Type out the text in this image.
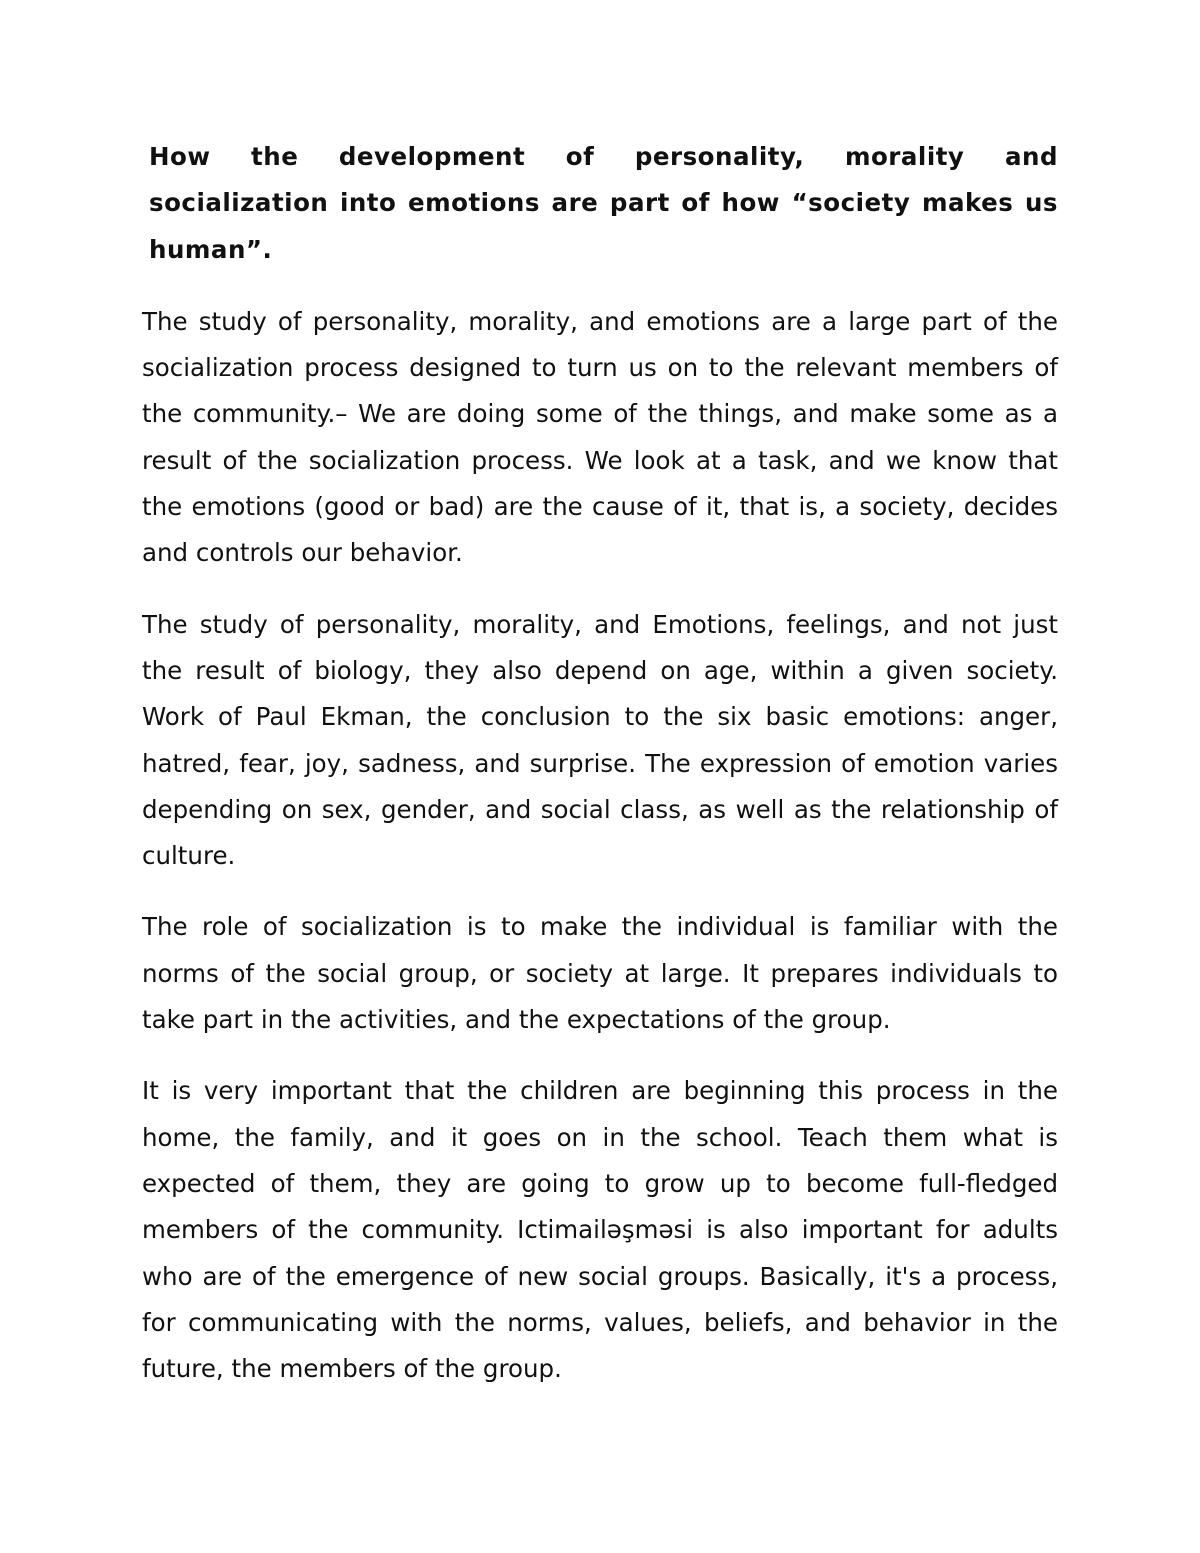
How the development of personality, morality and socialization into emotions are part of how “society makes us human”.

The study of personality, morality, and emotions are a large part of the socialization process designed to turn us on to the relevant members of the community.– We are doing some of the things, and make some as a result of the socialization process. We look at a task, and we know that the emotions (good or bad) are the cause of it, that is, a society, decides and controls our behavior.

The study of personality, morality, and Emotions, feelings, and not just the result of biology, they also depend on age, within a given society. Work of Paul Ekman, the conclusion to the six basic emotions: anger, hatred, fear, joy, sadness, and surprise. The expression of emotion varies depending on sex, gender, and social class, as well as the relationship of culture.

The role of socialization is to make the individual is familiar with the norms of the social group, or society at large. It prepares individuals to take part in the activities, and the expectations of the group.

It is very important that the children are beginning this process in the home, the family, and it goes on in the school. Teach them what is expected of them, they are going to grow up to become full-fledged members of the community. Ictimailəşməsi is also important for adults who are of the emergence of new social groups. Basically, it's a process, for communicating with the norms, values, beliefs, and behavior in the future, the members of the group.
